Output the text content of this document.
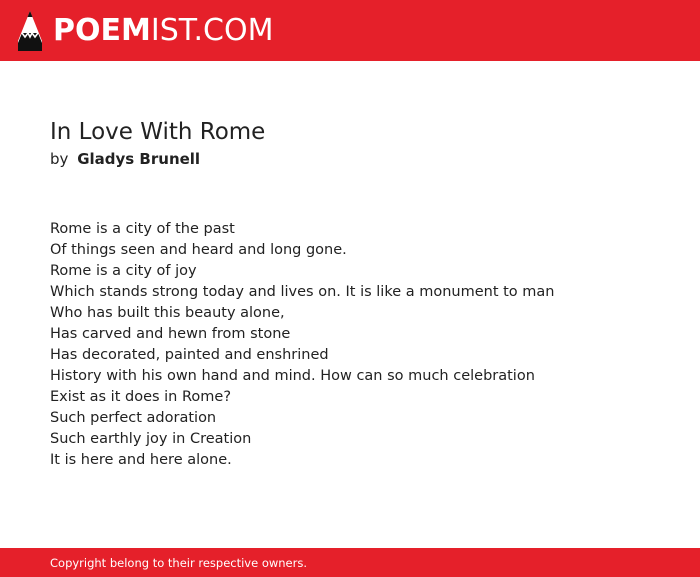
POEMIST.COM
In Love With Rome
by Gladys Brunell
Rome is a city of the past
Of things seen and heard and long gone.
Rome is a city of joy
Which stands strong today and lives on. It is like a monument to man
Who has built this beauty alone,
Has carved and hewn from stone
Has decorated, painted and enshrined
History with his own hand and mind. How can so much celebration
Exist as it does in Rome?
Such perfect adoration
Such earthly joy in Creation
It is here and here alone.
Copyright belong to their respective owners.
